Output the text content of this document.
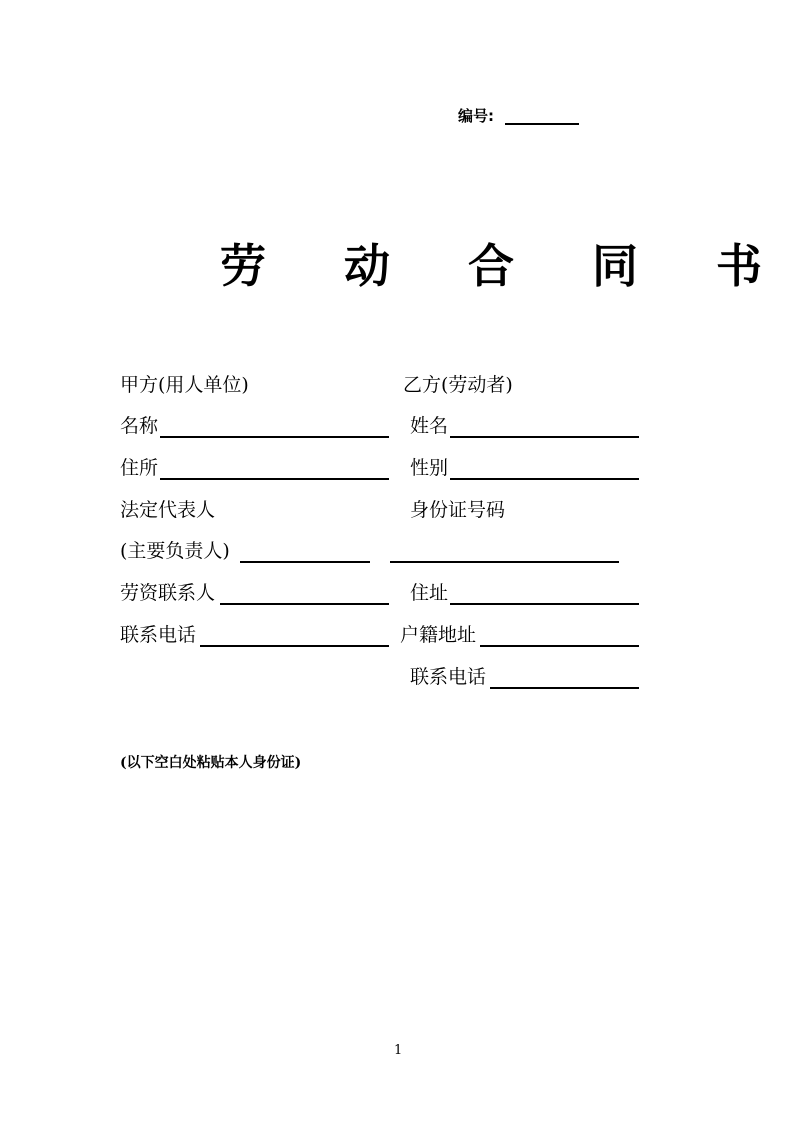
编号:
劳 动 合 同 书
甲方(用人单位)
名称
住所
法定代表人
(主要负责人)
劳资联系人
联系电话
乙方(劳动者)
姓名
性别
身份证号码
住址
户籍地址
联系电话
(以下空白处粘贴本人身份证)
1
